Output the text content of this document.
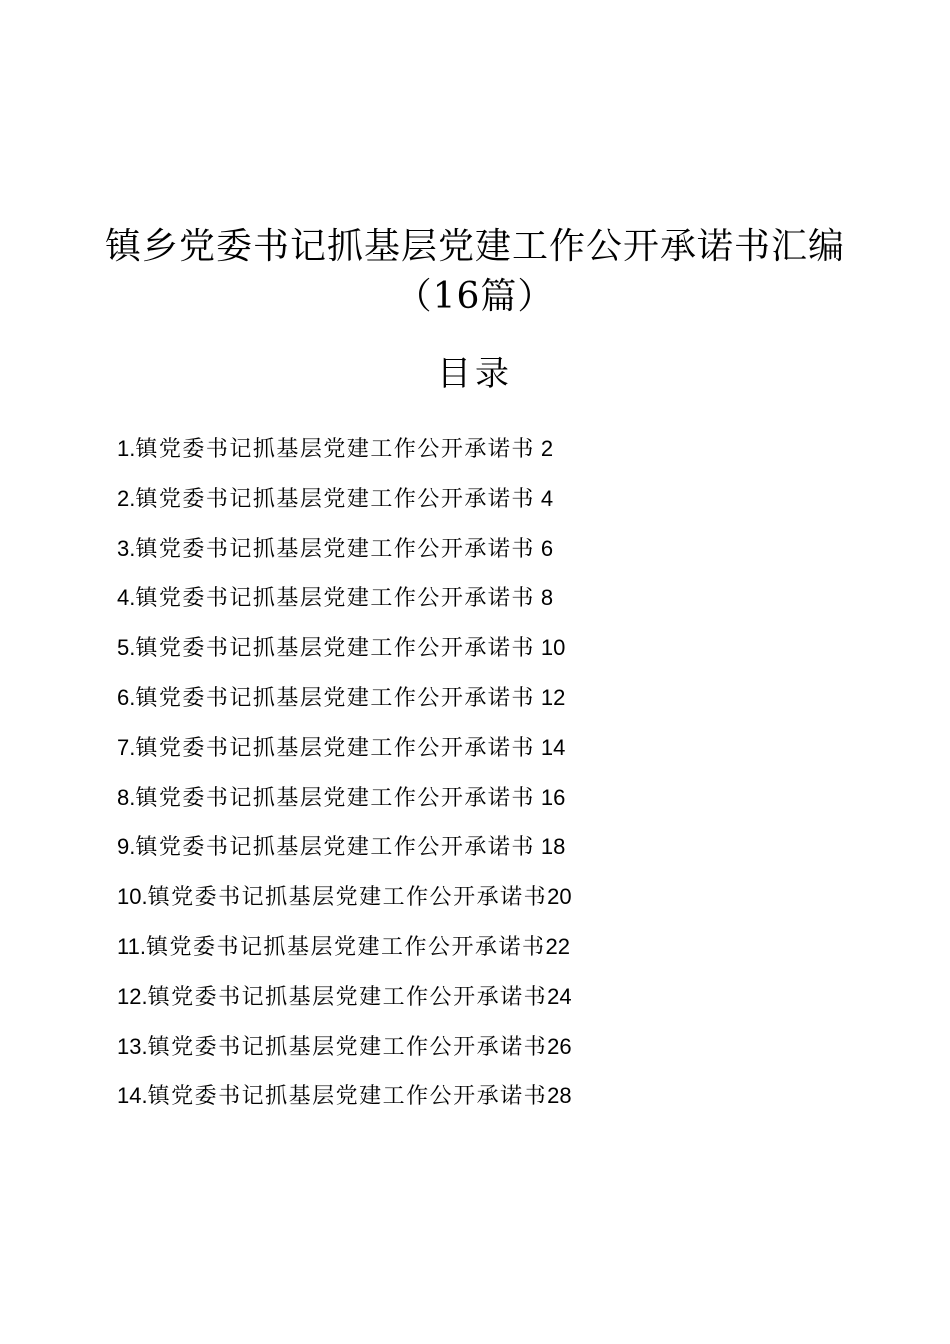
镇乡党委书记抓基层党建工作公开承诺书汇编
（16篇）
目录
1.镇党委书记抓基层党建工作公开承诺书 2
2.镇党委书记抓基层党建工作公开承诺书 4
3.镇党委书记抓基层党建工作公开承诺书 6
4.镇党委书记抓基层党建工作公开承诺书 8
5.镇党委书记抓基层党建工作公开承诺书 10
6.镇党委书记抓基层党建工作公开承诺书 12
7.镇党委书记抓基层党建工作公开承诺书 14
8.镇党委书记抓基层党建工作公开承诺书 16
9.镇党委书记抓基层党建工作公开承诺书 18
10.镇党委书记抓基层党建工作公开承诺书20
11.镇党委书记抓基层党建工作公开承诺书22
12.镇党委书记抓基层党建工作公开承诺书24
13.镇党委书记抓基层党建工作公开承诺书26
14.镇党委书记抓基层党建工作公开承诺书28
